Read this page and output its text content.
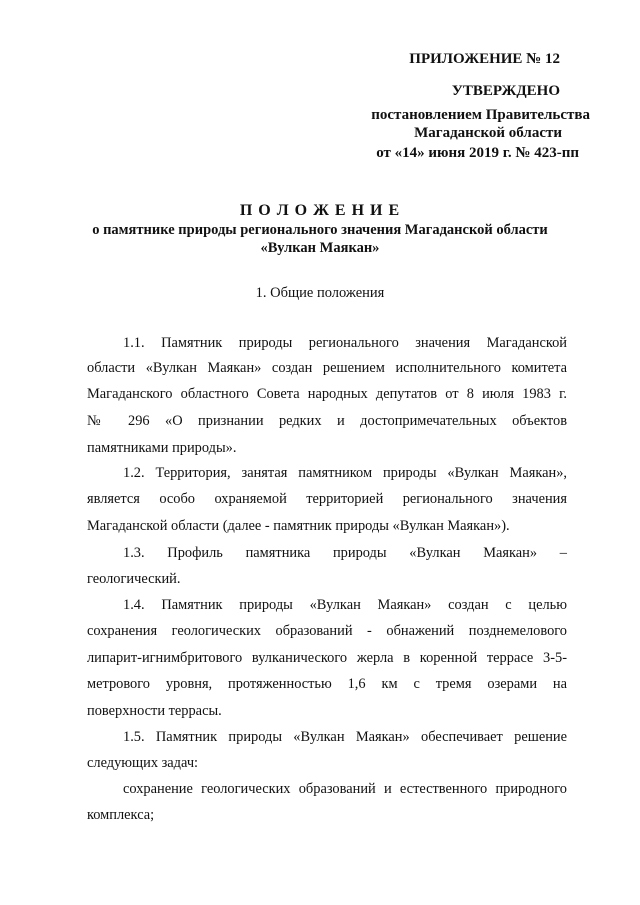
ПРИЛОЖЕНИЕ № 12
УТВЕРЖДЕНО
постановлением Правительства
Магаданской области
от «14» июня 2019 г. № 423-пп
П О Л О Ж Е Н И Е
о памятнике природы регионального значения Магаданской области
«Вулкан Маякан»
1. Общие положения
1.1. Памятник природы регионального значения Магаданской
области «Вулкан Маякан» создан решением исполнительного комитета
Магаданского областного Совета народных депутатов от 8 июля 1983 г.
№ 296 «О признании редких и достопримечательных объектов
памятниками природы».
1.2. Территория, занятая памятником природы «Вулкан Маякан»,
является особо охраняемой территорией регионального значения
Магаданской области (далее - памятник природы «Вулкан Маякан»).
1.3. Профиль памятника природы «Вулкан Маякан» –
геологический.
1.4. Памятник природы «Вулкан Маякан» создан с целью
сохранения геологических образований - обнажений позднемелового
липарит-игнимбритового вулканического жерла в коренной террасе 3-5-
метрового уровня, протяженностью 1,6 км с тремя озерами на
поверхности террасы.
1.5. Памятник природы «Вулкан Маякан» обеспечивает решение
следующих задач:
сохранение геологических образований и естественного природного
комплекса;
